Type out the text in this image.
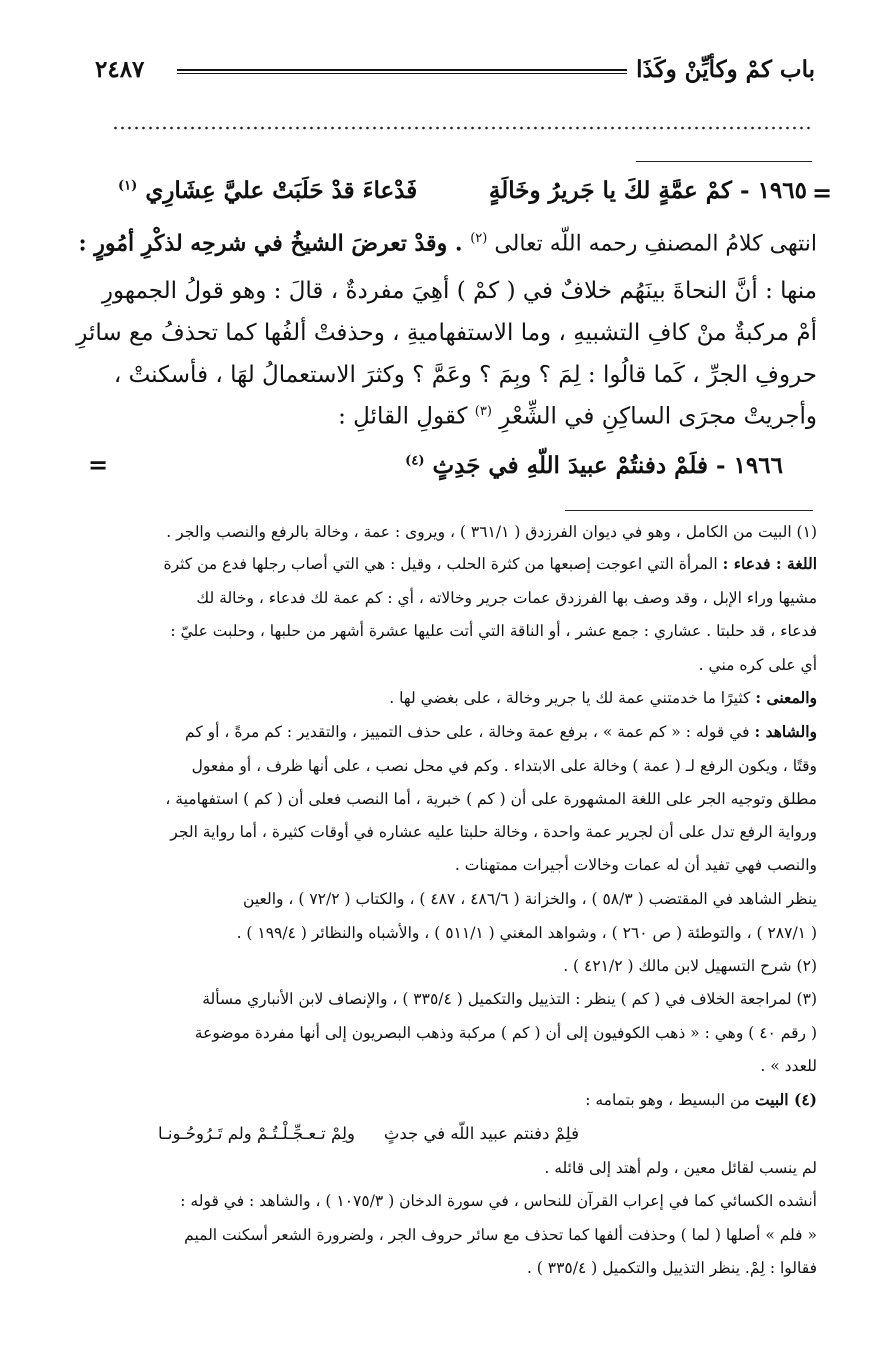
باب كمْ وكأيِّنْ وكَذَا
٢٤٨٧
=
١٩٦٥ - كمْ عمَّةٍ لكَ يا جَريرُ وخَالَةٍ
فَدْعاءَ قدْ حَلَبَتْ عليَّ عِشَارِي $^{(١)}$
انتهى كلامُ المصنفِ رحمه اللّه تعالى $^{(٢)}$ . وقدْ تعرضَ الشيخُ في شرحِه لذكْرِ أمُورٍ :
منها : أنَّ النحاةَ بينَهُم خلافٌ في ( كمْ ) أهِيَ مفردةٌ ، قالَ : وهو قولُ الجمهورِ
أمْ مركبةٌ منْ كافِ التشبيهِ ، وما الاستفهاميةِ ، وحذفتْ ألفُها كما تحذفُ مع سائرِ
حروفِ الجرِّ ، كَما قالُوا : لِمَ ؟ وبِمَ ؟ وعَمَّ ؟ وكثرَ الاستعمالُ لهَا ، فأسكنتْ ،
وأجريتْ مجرَى الساكِنِ في الشِّعْرِ $^{(٣)}$ كقولِ القائلِ :
١٩٦٦ - فلَمْ دفنتُمْ عبيدَ اللّهِ في جَدِثٍ $^{(٤)}$
=
(١) البيت من الكامل ، وهو في ديوان الفرزدق ( ٣٦١/١ ) ، ويروى : عمة ، وخالة بالرفع والنصب والجر .
اللغة : فدعاء : المرأة التي اعوجت إصبعها من كثرة الحلب ، وقيل : هي التي أصاب رجلها فدع من كثرة
مشيها وراء الإبل ، وقد وصف بها الفرزدق عمات جرير وخالاته ، أي : كم عمة لك فدعاء ، وخالة لك
فدعاء ، قد حلبتا . عشاري : جمع عشر ، أو الناقة التي أتت عليها عشرة أشهر من حلبها ، وحلبت عليّ :
أي على كره مني .
والمعنى : كثيرًا ما خدمتني عمة لك يا جرير وخالة ، على بغضي لها .
والشاهد : في قوله : « كم عمة » ، برفع عمة وخالة ، على حذف التمييز ، والتقدير : كم مرةً ، أو كم
وقتًا ، ويكون الرفع لـ ( عمة ) وخالة على الابتداء . وكم في محل نصب ، على أنها ظرف ، أو مفعول
مطلق وتوجيه الجر على اللغة المشهورة على أن ( كم ) خبرية ، أما النصب فعلى أن ( كم ) استفهامية ،
ورواية الرفع تدل على أن لجرير عمة واحدة ، وخالة حلبتا عليه عشاره في أوقات كثيرة ، أما رواية الجر
والنصب فهي تفيد أن له عمات وخالات أجيرات ممتهنات .
ينظر الشاهد في المقتضب ( ٥٨/٣ ) ، والخزانة ( ٤٨٦/٦ ، ٤٨٧ ) ، والكتاب ( ٧٢/٢ ) ، والعين
( ٢٨٧/١ ) ، والتوطئة ( ص ٢٦٠ ) ، وشواهد المغني ( ٥١١/١ ) ، والأشباه والنظائر ( ١٩٩/٤ ) .
(٢) شرح التسهيل لابن مالك ( ٤٢١/٢ ) .
(٣) لمراجعة الخلاف في ( كم ) ينظر : التذييل والتكميل ( ٣٣٥/٤ ) ، والإنصاف لابن الأنباري مسألة
( رقم ٤٠ ) وهي : « ذهب الكوفيون إلى أن ( كم ) مركبة وذهب البصريون إلى أنها مفردة موضوعة
للعدد » .
(٤) البيت من البسيط ، وهو بتمامه :
فلِمْ دفنتم عبيد اللّه في جدثٍ
ولِمْ تـعـجِّـلْـتُـمْ ولم تَـرُوحُـونـا
لم ينسب لقائل معين ، ولم أهتد إلى قائله .
أنشده الكسائي كما في إعراب القرآن للنحاس ، في سورة الدخان ( ١٠٧٥/٣ ) ، والشاهد : في قوله :
« فلم » أصلها ( لما ) وحذفت ألفها كما تحذف مع سائر حروف الجر ، ولضرورة الشعر أسكنت الميم
فقالوا : لِمْ. ينظر التذييل والتكميل ( ٣٣٥/٤ ) .
